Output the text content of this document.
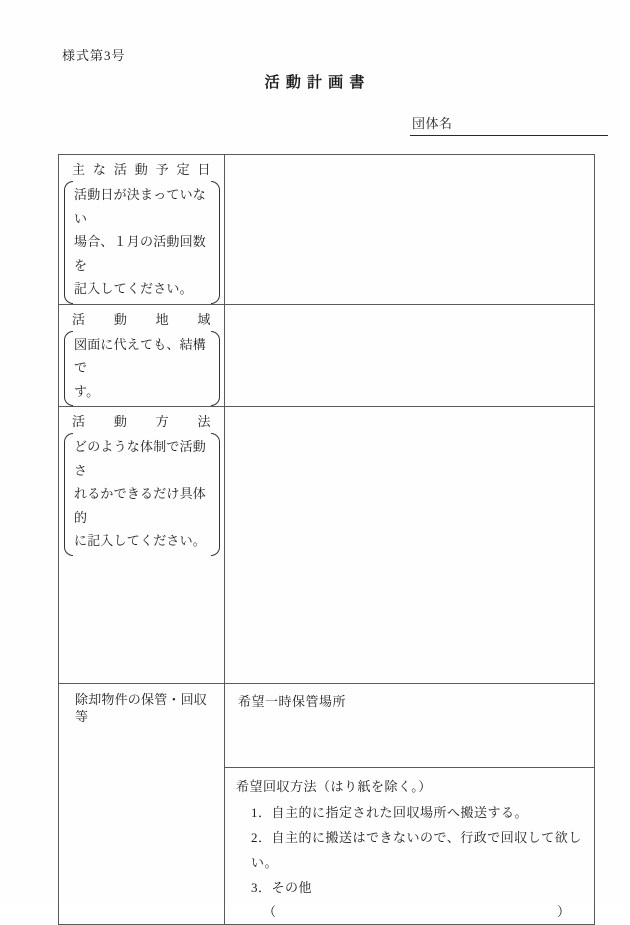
様式第3号
活 動 計 画 書
団体名
主な活動予定日
活動日が決まっていない
場合、１月の活動回数を
記入してください。	

活動地域
図面に代えても、結構で
す。	

活動方法
どのような体制で活動さ
れるかできるだけ具体的
に記入してください。	

除却物件の保管・回収等	希望一時保管場所

希望回収方法（はり紙を除く。）
1．自主的に指定された回収場所へ搬送する。
2．自主的に搬送はできないので、行政で回収して欲しい。
3．その他
（	）
